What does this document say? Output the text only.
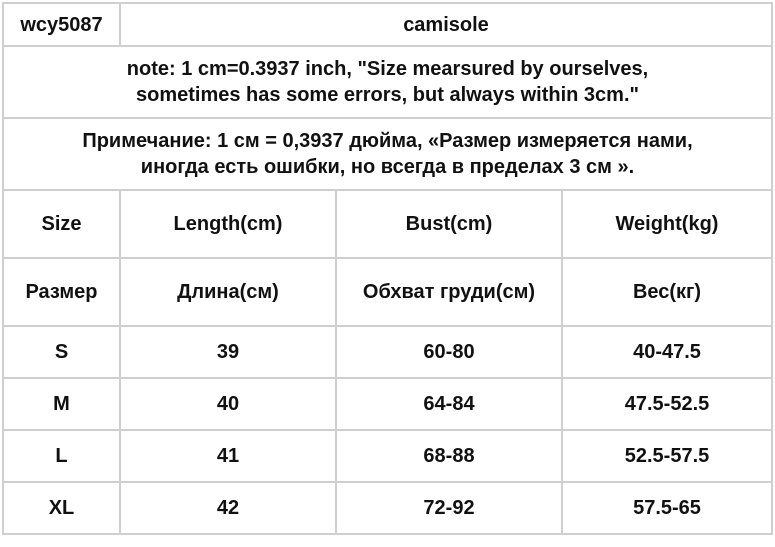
wcy5087	camisole		

note: 1 cm=0.3937 inch, "Size mearsured by ourselves,
sometimes has some errors, but always within 3cm."			

Примечание: 1 см = 0,3937 дюйма, «Размер измеряется нами,
иногда есть ошибки, но всегда в пределах 3 см ».			

Size	Length(cm)	Bust(cm)	Weight(kg)
Размер	Длина(см)	Обхват груди(см)	Вес(кг)
S	39	60-80	40-47.5
M	40	64-84	47.5-52.5
L	41	68-88	52.5-57.5
XL	42	72-92	57.5-65
